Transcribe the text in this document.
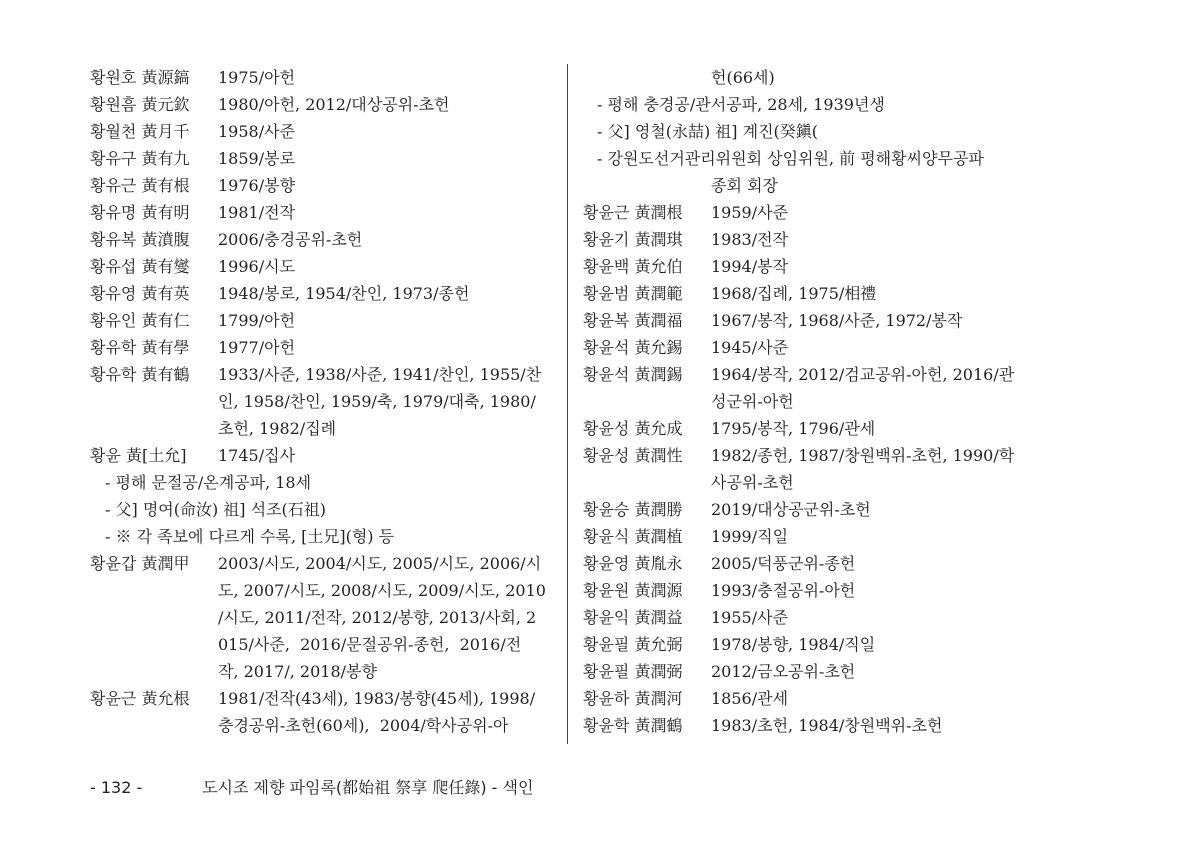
황원호 黃源鎬	1975/아헌
황원흠 黃元欽	1980/아헌, 2012/대상공위-초헌
황월천 黃月千	1958/사준
황유구 黃有九	1859/봉로
황유근 黃有根	1976/봉향
황유명 黃有明	1981/전작
황유복 黃濆腹	2006/충경공위-초헌
황유섭 黃有燮	1996/시도
황유영 黃有英	1948/봉로, 1954/찬인, 1973/종헌
황유인 黃有仁	1799/아헌
황유학 黃有學	1977/아헌
황유학 黃有鶴	1933/사준, 1938/사준, 1941/찬인, 1955/찬
인, 1958/찬인, 1959/축, 1979/대축, 1980/
초헌, 1982/집례
황윤 黃[土允]	1745/집사
- 평해 문절공/온계공파, 18세
- 父] 명여(命汝) 祖] 석조(石祖)
- ※ 각 족보에 다르게 수록, [土兄](형) 등
황윤갑 黃潤甲	2003/시도, 2004/시도, 2005/시도, 2006/시
도, 2007/시도, 2008/시도, 2009/시도, 2010
/시도, 2011/전작, 2012/봉향, 2013/사회, 2
015/사준,  2016/문절공위-종헌,  2016/전
작, 2017/, 2018/봉향
황윤근 黃允根	1981/전작(43세), 1983/봉향(45세), 1998/
충경공위-초헌(60세),  2004/학사공위-아
헌(66세)
- 평해 충경공/관서공파, 28세, 1939년생
- 父] 영철(永喆) 祖] 계진(癸鎭(
- 강원도선거관리위원회 상임위원, 前 평해황씨양무공파
종회 회장
황윤근 黃潤根	1959/사준
황윤기 黃潤琪	1983/전작
황윤백 黃允伯	1994/봉작
황윤범 黃潤範	1968/집례, 1975/相禮
황윤복 黃潤福	1967/봉작, 1968/사준, 1972/봉작
황윤석 黃允錫	1945/사준
황윤석 黃潤錫	1964/봉작, 2012/검교공위-아헌, 2016/관
성군위-아헌
황윤성 黃允成	1795/봉작, 1796/관세
황윤성 黃潤性	1982/종헌, 1987/창원백위-초헌, 1990/학
사공위-초헌
황윤승 黃潤勝	2019/대상공군위-초헌
황윤식 黃潤植	1999/직일
황윤영 黃胤永	2005/덕풍군위-종헌
황윤원 黃潤源	1993/충절공위-아헌
황윤익 黃潤益	1955/사준
황윤필 黃允弼	1978/봉향, 1984/직일
황윤필 黃潤弼	2012/금오공위-초헌
황윤하 黃潤河	1856/관세
황윤학 黃潤鶴	1983/초헌, 1984/창원백위-초헌
- 132 -	도시조 제향 파임록(都始祖 祭享 爬任錄) - 색인
